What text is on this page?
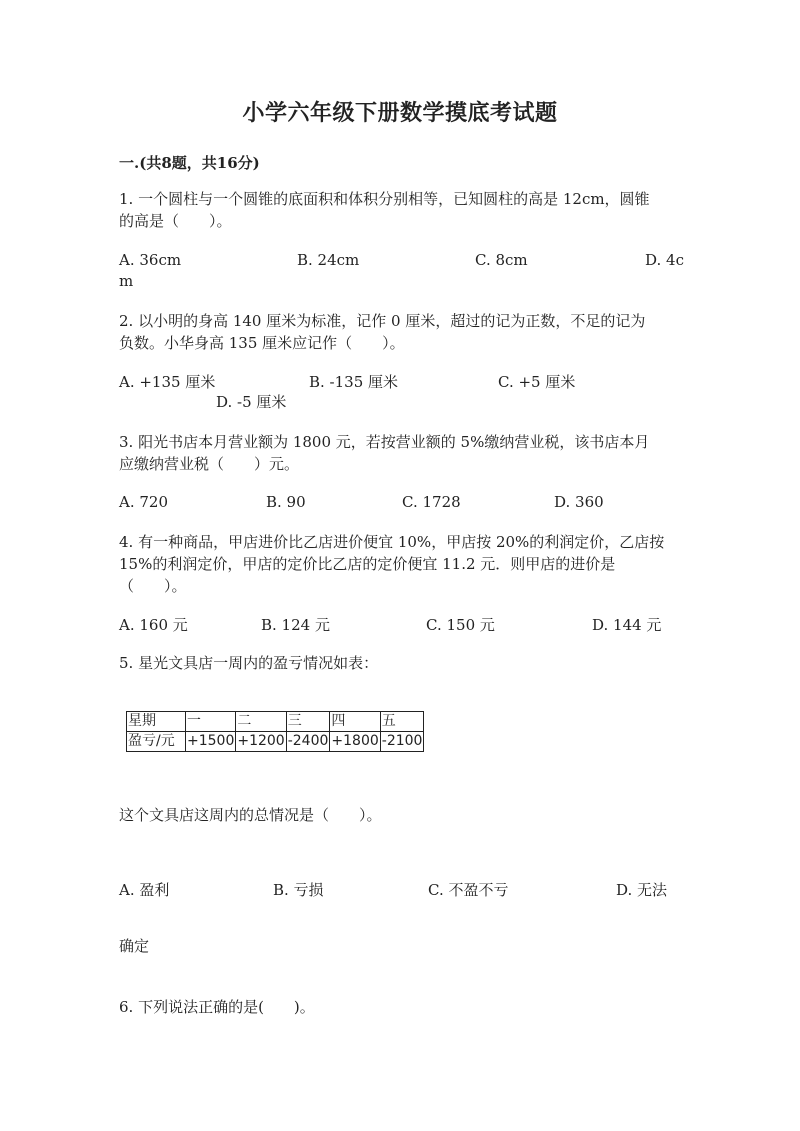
小学六年级下册数学摸底考试题
一.(共8题，共16分)
1. 一个圆柱与一个圆锥的底面积和体积分别相等，已知圆柱的高是 12cm，圆锥
的高是（　　）。
A. 36cm	B. 24cm	C. 8cm	D. 4c
m
2. 以小明的身高 140 厘米为标准，记作 0 厘米，超过的记为正数，不足的记为
负数。小华身高 135 厘米应记作（　　）。
A. +135 厘米	B. -135 厘米	C. +5 厘米
D. -5 厘米
3. 阳光书店本月营业额为 1800 元，若按营业额的 5%缴纳营业税，该书店本月
应缴纳营业税（　　）元。
A. 720	B. 90	C. 1728	D. 360
4. 有一种商品，甲店进价比乙店进价便宜 10%，甲店按 20%的利润定价，乙店按
15%的利润定价，甲店的定价比乙店的定价便宜 11.2 元．则甲店的进价是
（　　）。
A. 160 元	B. 124 元	C. 150 元	D. 144 元
5. 星光文具店一周内的盈亏情况如表：
星期	一	二	三	四	五
盈亏/元	+1500	+1200	-2400	+1800	-2100
这个文具店这周内的总情况是（　　）。
A. 盈利	B. 亏损	C. 不盈不亏	D. 无法
确定
6. 下列说法正确的是(　　)。
